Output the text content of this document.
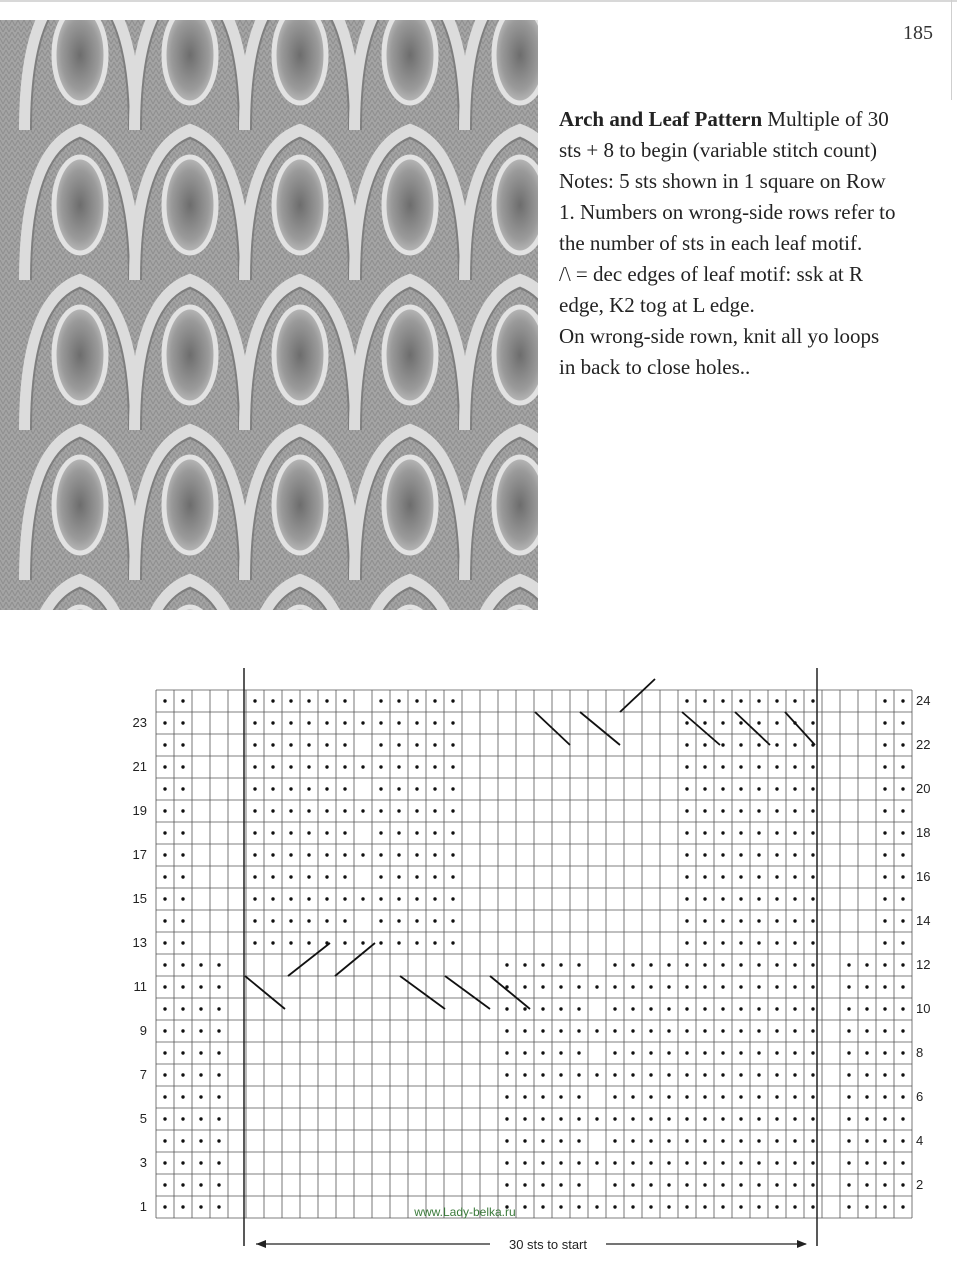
185

Arch and Leaf Pattern Multiple of 30

sts + 8 to begin (variable stitch count)

Notes: 5 sts shown in 1 square on Row

1. Numbers on wrong-side rows refer to

the number of sts in each leaf motif.

/\ = dec edges of leaf motif: ssk at R

edge, K2 tog at L edge.

On wrong-side rown, knit all yo loops

in back to close holes..

1
3
5
7
9
11
13
15
17
19
21
23
2
4
6
8
10
12
14
16
18
20
22
24
30 sts to start
www.Lady-belka.ru
